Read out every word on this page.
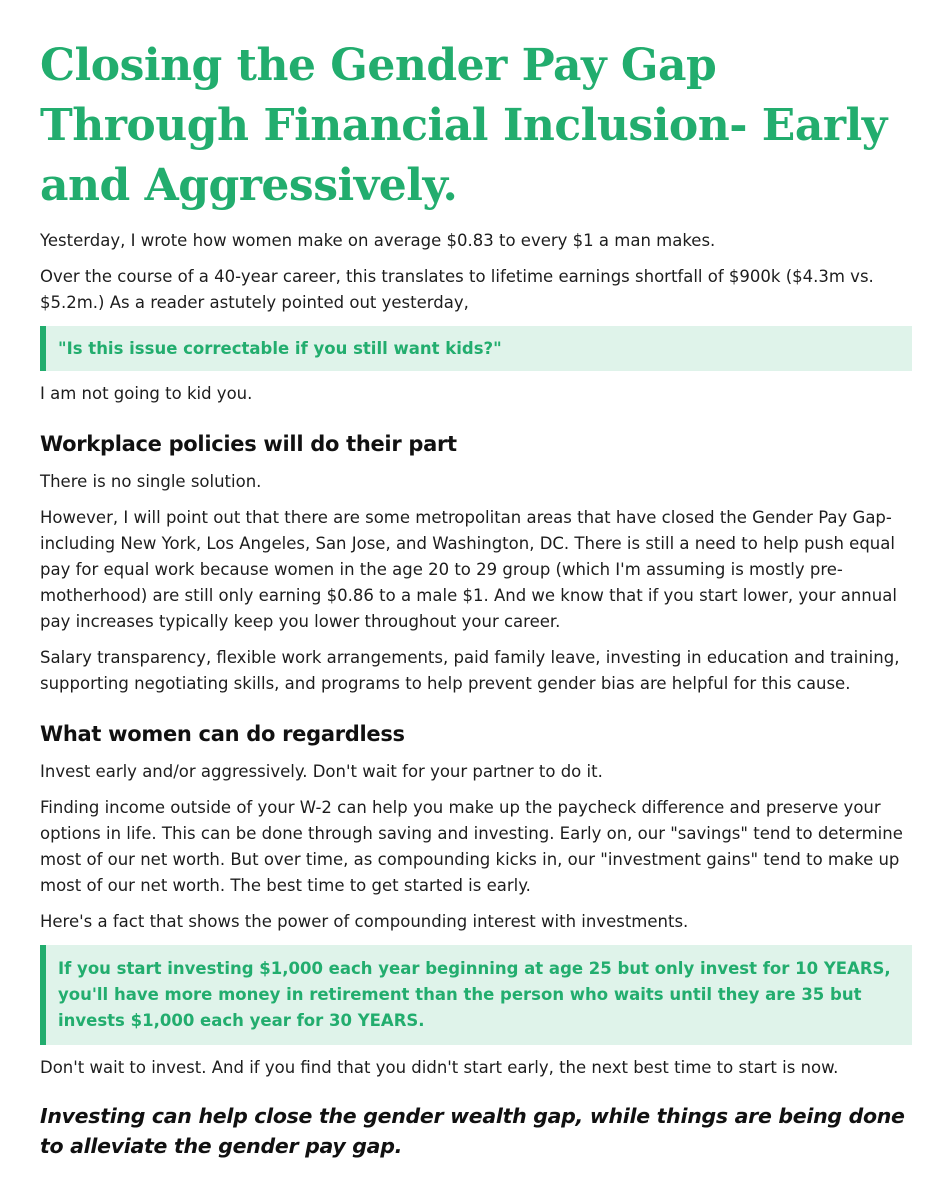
Closing the Gender Pay Gap Through Financial Inclusion- Early and Aggressively.

Yesterday, I wrote how women make on average $0.83 to every $1 a man makes.

Over the course of a 40-year career, this translates to lifetime earnings shortfall of $900k ($4.3m vs. $5.2m.) As a reader astutely pointed out yesterday,

"Is this issue correctable if you still want kids?"

I am not going to kid you.

Workplace policies will do their part

There is no single solution.

However, I will point out that there are some metropolitan areas that have closed the Gender Pay Gap- including New York, Los Angeles, San Jose, and Washington, DC. There is still a need to help push equal pay for equal work because women in the age 20 to 29 group (which I'm assuming is mostly pre-motherhood) are still only earning $0.86 to a male $1. And we know that if you start lower, your annual pay increases typically keep you lower throughout your career.

Salary transparency, flexible work arrangements, paid family leave, investing in education and training, supporting negotiating skills, and programs to help prevent gender bias are helpful for this cause.

What women can do regardless

Invest early and/or aggressively. Don't wait for your partner to do it.

Finding income outside of your W-2 can help you make up the paycheck difference and preserve your options in life. This can be done through saving and investing. Early on, our "savings" tend to determine most of our net worth. But over time, as compounding kicks in, our "investment gains" tend to make up most of our net worth. The best time to get started is early.

Here's a fact that shows the power of compounding interest with investments.

If you start investing $1,000 each year beginning at age 25 but only invest for 10 YEARS, you'll have more money in retirement than the person who waits until they are 35 but invests $1,000 each year for 30 YEARS.

Don't wait to invest. And if you find that you didn't start early, the next best time to start is now.

Investing can help close the gender wealth gap, while things are being done to alleviate the gender pay gap.
